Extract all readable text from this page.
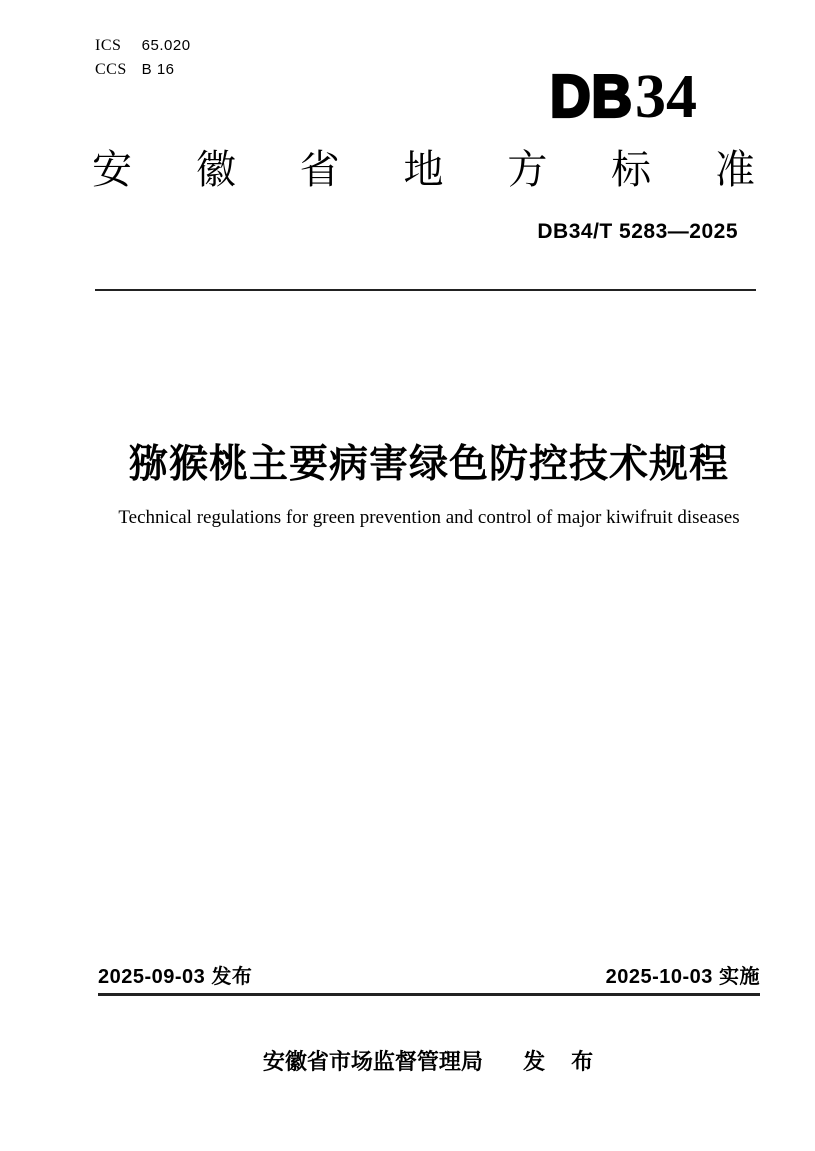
ICS 65.020
CCS B 16	DB 34
安 徽 省 地 方 标 准
DB34/T 5283—2025
猕猴桃主要病害绿色防控技术规程
Technical regulations for green prevention and control of major kiwifruit diseases
2025-09-03 发布	2025-10-03 实施
安徽省市场监督管理局 发　布
